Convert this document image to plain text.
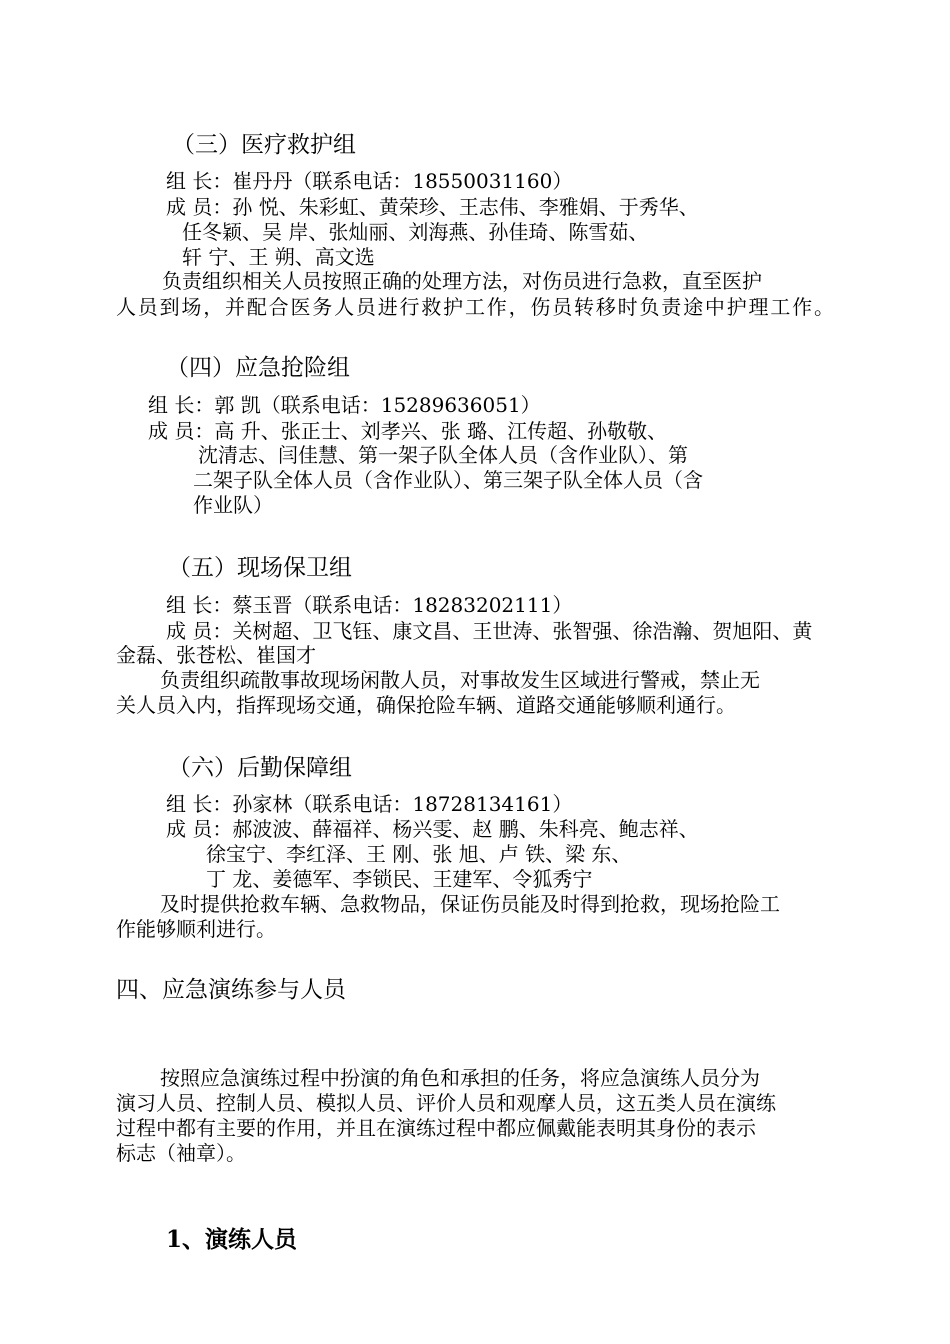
（三）医疗救护组
组 长：崔丹丹（联系电话：18550031160）
成 员：孙 悦、朱彩虹、黄荣珍、王志伟、李雅娟、于秀华、
任冬颖、吴 岸、张灿丽、刘海燕、孙佳琦、陈雪茹、
轩 宁、王 朔、高文选
负责组织相关人员按照正确的处理方法，对伤员进行急救，直至医护
人员到场，并配合医务人员进行救护工作，伤员转移时负责途中护理工作。
（四）应急抢险组
组 长：郭 凯（联系电话：15289636051）
成 员：高 升、张正士、刘孝兴、张 璐、江传超、孙敬敬、
沈清志、闫佳慧、第一架子队全体人员（含作业队）、第
二架子队全体人员（含作业队）、第三架子队全体人员（含
作业队）
（五）现场保卫组
组 长：蔡玉晋（联系电话：18283202111）
成 员：关树超、卫飞钰、康文昌、王世涛、张智强、徐浩瀚、贺旭阳、黄
金磊、张苍松、崔国才
负责组织疏散事故现场闲散人员，对事故发生区域进行警戒，禁止无
关人员入内，指挥现场交通，确保抢险车辆、道路交通能够顺利通行。
（六）后勤保障组
组 长：孙家林（联系电话：18728134161）
成 员：郝波波、薛福祥、杨兴雯、赵 鹏、朱科亮、鲍志祥、
徐宝宁、李红泽、王 刚、张 旭、卢 铁、梁 东、
丁 龙、姜德军、李锁民、王建军、令狐秀宁
及时提供抢救车辆、急救物品，保证伤员能及时得到抢救，现场抢险工
作能够顺利进行。
四、应急演练参与人员
按照应急演练过程中扮演的角色和承担的任务，将应急演练人员分为
演习人员、控制人员、模拟人员、评价人员和观摩人员，这五类人员在演练
过程中都有主要的作用，并且在演练过程中都应佩戴能表明其身份的表示
标志（袖章）。
1、演练人员
